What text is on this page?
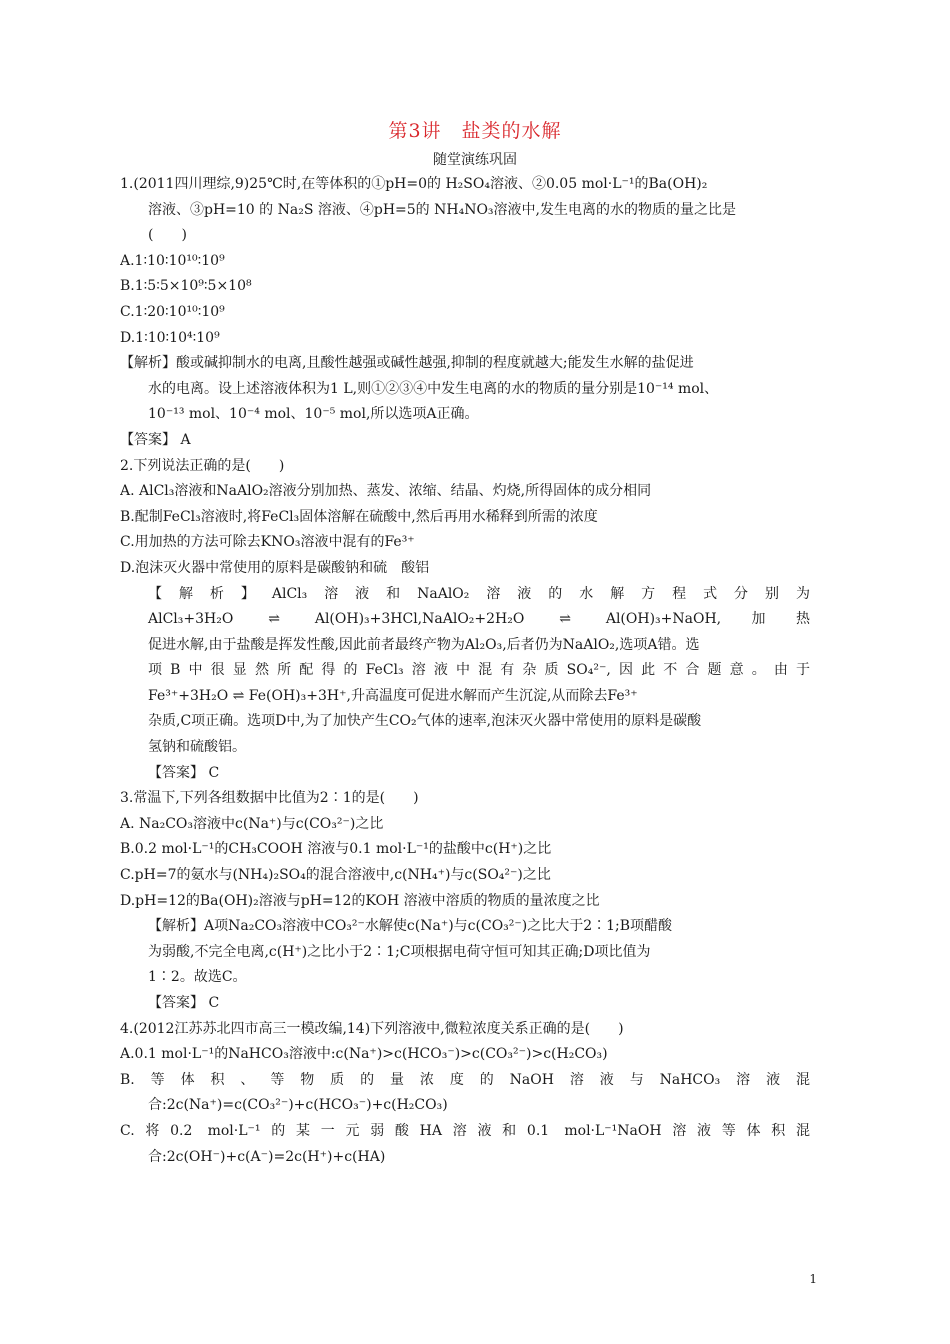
第3讲　盐类的水解
随堂演练巩固
1.(2011四川理综,9)25℃时,在等体积的①pH=0的 H₂SO₄溶液、②0.05 mol·L⁻¹的Ba(OH)₂
溶液、③pH=10 的 Na₂S 溶液、④pH=5的 NH₄NO₃溶液中,发生电离的水的物质的量之比是
(　　)
A.1∶10∶10¹⁰∶10⁹
B.1∶5∶5×10⁹∶5×10⁸
C.1∶20∶10¹⁰∶10⁹
D.1∶10∶10⁴∶10⁹
【解析】酸或碱抑制水的电离,且酸性越强或碱性越强,抑制的程度就越大;能发生水解的盐促进
水的电离。设上述溶液体积为1 L,则①②③④中发生电离的水的物质的量分别是10⁻¹⁴ mol、
10⁻¹³ mol、10⁻⁴ mol、10⁻⁵ mol,所以选项A正确。
【答案】 A
2.下列说法正确的是(　　)
A. AlCl₃溶液和NaAlO₂溶液分别加热、蒸发、浓缩、结晶、灼烧,所得固体的成分相同
B.配制FeCl₃溶液时,将FeCl₃固体溶解在硫酸中,然后再用水稀释到所需的浓度
C.用加热的方法可除去KNO₃溶液中混有的Fe³⁺
D.泡沫灭火器中常使用的原料是碳酸钠和硫　酸铝
【解析】AlCl₃溶液和NaAlO₂溶液的水解方程式分别为
AlCl₃+3H₂O ⇌ Al(OH)₃+3HCl,NaAlO₂+2H₂O ⇌ Al(OH)₃+NaOH,加热
促进水解,由于盐酸是挥发性酸,因此前者最终产物为Al₂O₃,后者仍为NaAlO₂,选项A错。选
项B中很显然所配得的FeCl₃溶液中混有杂质SO₄²⁻,因此不合题意。由于
Fe³⁺+3H₂O ⇌ Fe(OH)₃+3H⁺,升高温度可促进水解而产生沉淀,从而除去Fe³⁺
杂质,C项正确。选项D中,为了加快产生CO₂气体的速率,泡沫灭火器中常使用的原料是碳酸
氢钠和硫酸铝。
【答案】 C
3.常温下,下列各组数据中比值为2∶1的是(　　)
A. Na₂CO₃溶液中c(Na⁺)与c(CO₃²⁻)之比
B.0.2 mol·L⁻¹的CH₃COOH 溶液与0.1 mol·L⁻¹的盐酸中c(H⁺)之比
C.pH=7的氨水与(NH₄)₂SO₄的混合溶液中,c(NH₄⁺)与c(SO₄²⁻)之比
D.pH=12的Ba(OH)₂溶液与pH=12的KOH 溶液中溶质的物质的量浓度之比
【解析】A项Na₂CO₃溶液中CO₃²⁻水解使c(Na⁺)与c(CO₃²⁻)之比大于2∶1;B项醋酸
为弱酸,不完全电离,c(H⁺)之比小于2∶1;C项根据电荷守恒可知其正确;D项比值为
1∶2。故选C。
【答案】 C
4.(2012江苏苏北四市高三一模改编,14)下列溶液中,微粒浓度关系正确的是(　　)
A.0.1 mol·L⁻¹的NaHCO₃溶液中:c(Na⁺)>c(HCO₃⁻)>c(CO₃²⁻)>c(H₂CO₃)
B.等体积、等物质的量浓度的NaOH溶液与NaHCO₃溶液混
合:2c(Na⁺)=c(CO₃²⁻)+c(HCO₃⁻)+c(H₂CO₃)
C.将0.2 mol·L⁻¹的某一元弱酸HA溶液和0.1 mol·L⁻¹NaOH溶液等体积混
合:2c(OH⁻)+c(A⁻)=2c(H⁺)+c(HA)
1
